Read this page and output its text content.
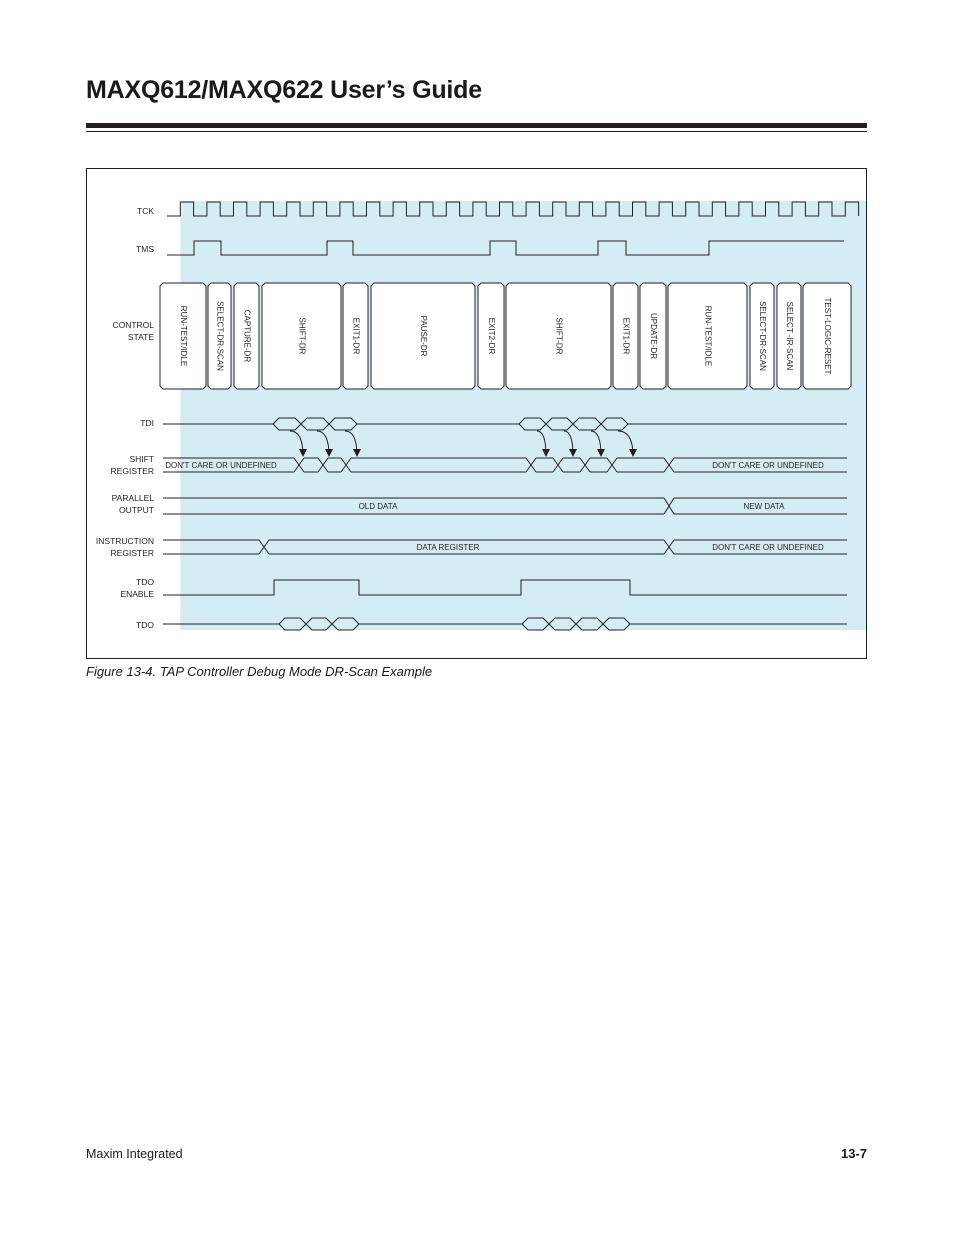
MAXQ612/MAXQ622 User’s Guide
TCK
TMS
CONTROL
STATE
TDI
SHIFT
REGISTER
PARALLEL
OUTPUT
INSTRUCTION
REGISTER
TDO
ENABLE
TDO
RUN-TEST/IDLE	SELECT-DR-SCAN CAPTURE-DR	SHIFT-DR	EXIT1-DR	PAUSE-DR	EXIT2-DR	SHIFT-DR	EXIT1-DR UPDATE-DR	RUN-TEST/IDLE	SELECT-DR-SCAN SELECT -IR-SCAN	TEST-LOGIC-RESET
DON'T CARE OR UNDEFINED	DON'T CARE OR UNDEFINED
OLD DATA	NEW DATA
DATA REGISTER	DON'T CARE OR UNDEFINED
Figure 13-4. TAP Controller Debug Mode DR-Scan Example
Maxim Integrated	13-7
